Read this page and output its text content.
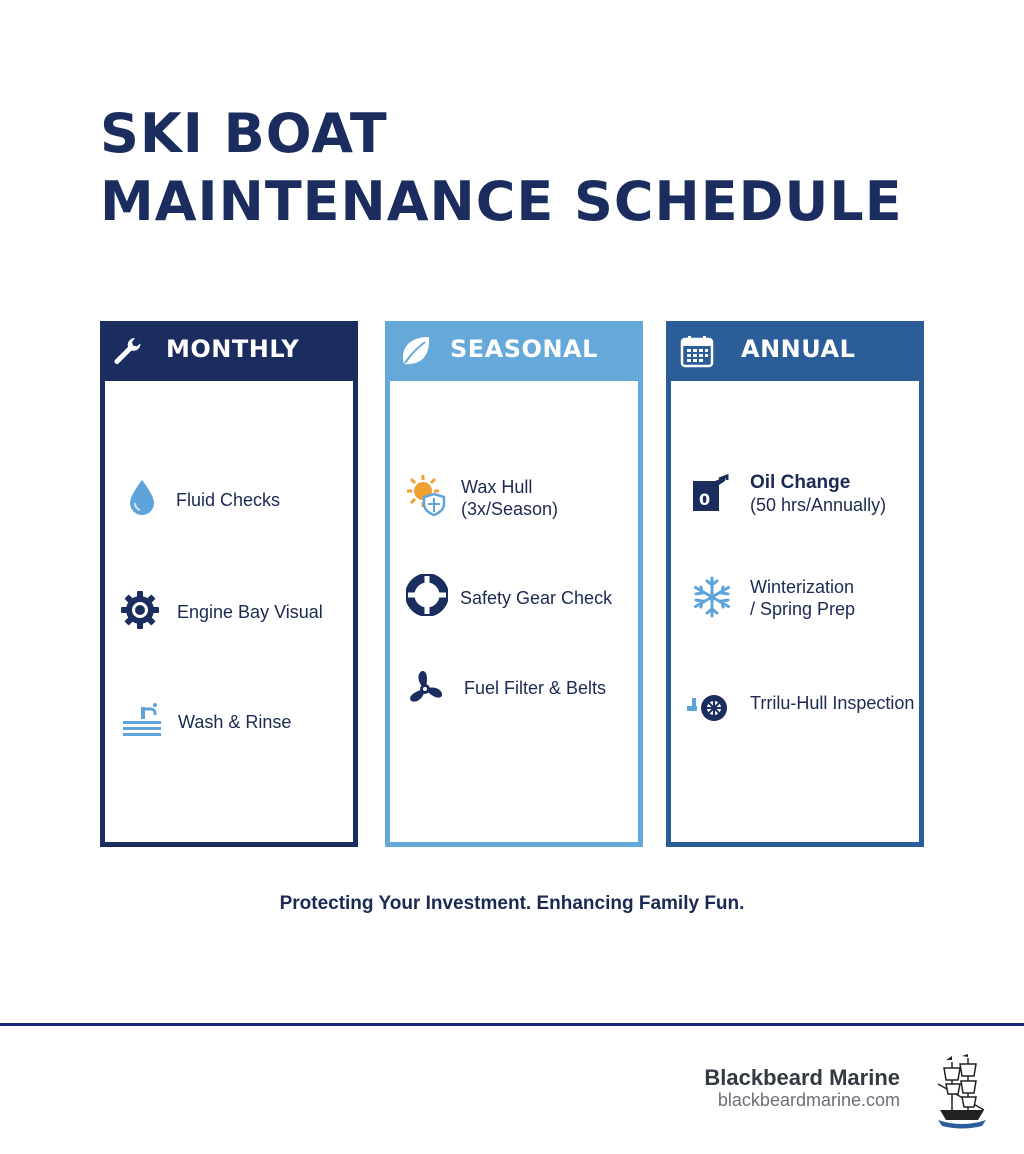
SKI BOAT
MAINTENANCE SCHEDULE
MONTHLY
Fluid Checks
Engine Bay Visual
Wash & Rinse
SEASONAL
Wax Hull
(3x/Season)
Safety Gear Check
Fuel Filter & Belts
ANNUAL
0
Oil Change
(50 hrs/Annually)
Winterization
/ Spring Prep
Trrilu-Hull Inspection
Protecting Your Investment. Enhancing Family Fun.
Blackbeard Marine
blackbeardmarine.com
